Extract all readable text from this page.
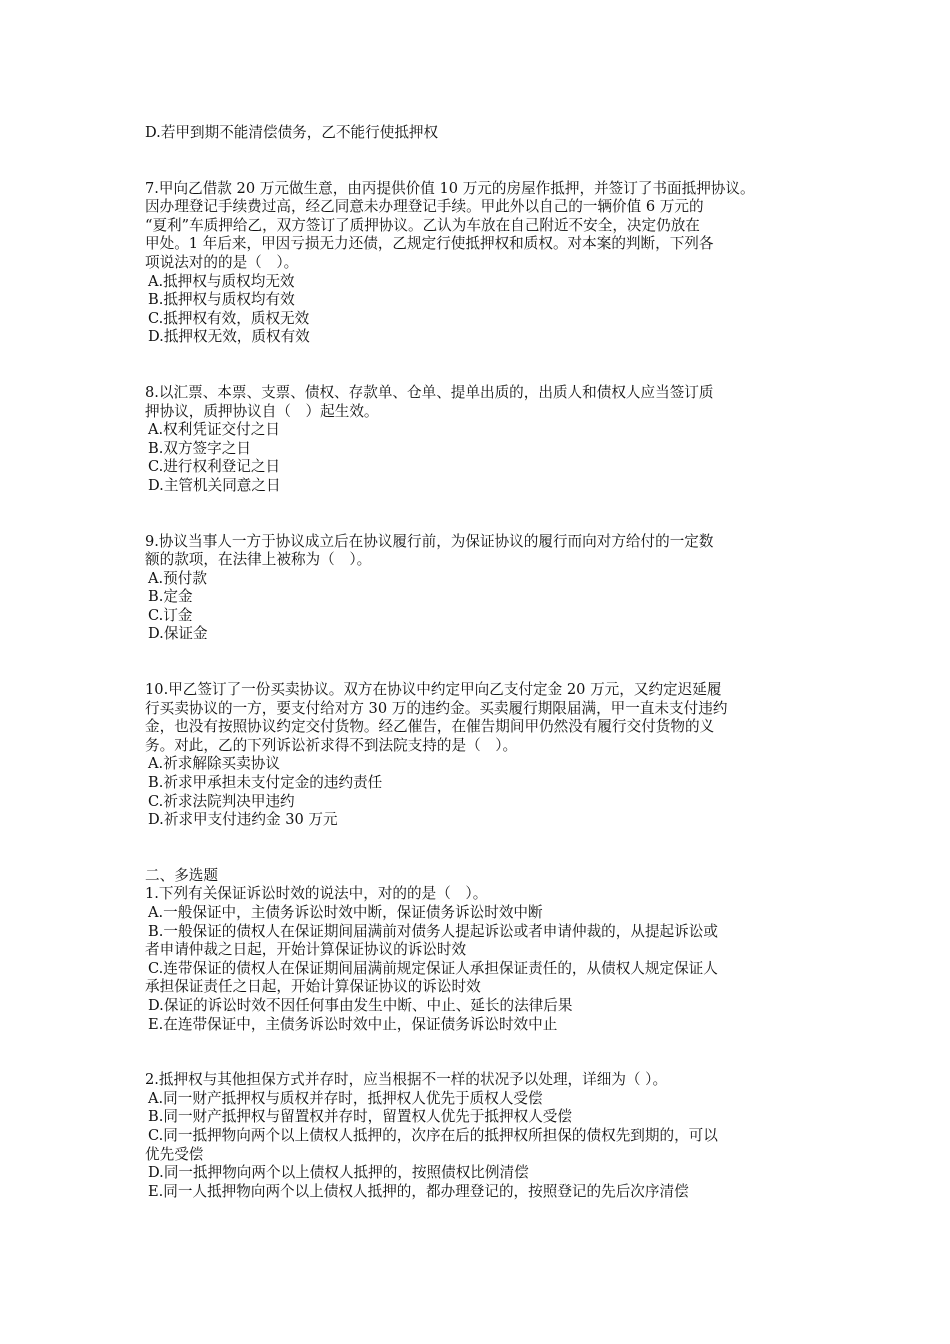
D.若甲到期不能清偿债务，乙不能行使抵押权
7.甲向乙借款 20 万元做生意，由丙提供价值 10 万元的房屋作抵押，并签订了书面抵押协议。
因办理登记手续费过高，经乙同意未办理登记手续。甲此外以自己的一辆价值 6 万元的
“夏利”车质押给乙，双方签订了质押协议。乙认为车放在自己附近不安全，决定仍放在
甲处。1 年后来，甲因亏损无力还债，乙规定行使抵押权和质权。对本案的判断，下列各
项说法对的的是（　）。
A.抵押权与质权均无效
B.抵押权与质权均有效
C.抵押权有效，质权无效
D.抵押权无效，质权有效
8.以汇票、本票、支票、债权、存款单、仓单、提单出质的，出质人和债权人应当签订质
押协议，质押协议自（　）起生效。
A.权利凭证交付之日
B.双方签字之日
C.进行权利登记之日
D.主管机关同意之日
9.协议当事人一方于协议成立后在协议履行前，为保证协议的履行而向对方给付的一定数
额的款项，在法律上被称为（　）。
A.预付款
B.定金
C.订金
D.保证金
10.甲乙签订了一份买卖协议。双方在协议中约定甲向乙支付定金 20 万元，又约定迟延履
行买卖协议的一方，要支付给对方 30 万的违约金。买卖履行期限届满，甲一直未支付违约
金，也没有按照协议约定交付货物。经乙催告，在催告期间甲仍然没有履行交付货物的义
务。对此，乙的下列诉讼祈求得不到法院支持的是（　）。
A.祈求解除买卖协议
B.祈求甲承担未支付定金的违约责任
C.祈求法院判决甲违约
D.祈求甲支付违约金 30 万元
二、多选题
1.下列有关保证诉讼时效的说法中，对的的是（　）。
A.一般保证中，主债务诉讼时效中断，保证债务诉讼时效中断
B.一般保证的债权人在保证期间届满前对债务人提起诉讼或者申请仲裁的，从提起诉讼或
者申请仲裁之日起，开始计算保证协议的诉讼时效
C.连带保证的债权人在保证期间届满前规定保证人承担保证责任的，从债权人规定保证人
承担保证责任之日起，开始计算保证协议的诉讼时效
D.保证的诉讼时效不因任何事由发生中断、中止、延长的法律后果
E.在连带保证中，主债务诉讼时效中止，保证债务诉讼时效中止
2.抵押权与其他担保方式并存时，应当根据不一样的状况予以处理，详细为（ ）。
A.同一财产抵押权与质权并存时，抵押权人优先于质权人受偿
B.同一财产抵押权与留置权并存时，留置权人优先于抵押权人受偿
C.同一抵押物向两个以上债权人抵押的，次序在后的抵押权所担保的债权先到期的，可以
优先受偿
D.同一抵押物向两个以上债权人抵押的，按照债权比例清偿
E.同一人抵押物向两个以上债权人抵押的，都办理登记的，按照登记的先后次序清偿
